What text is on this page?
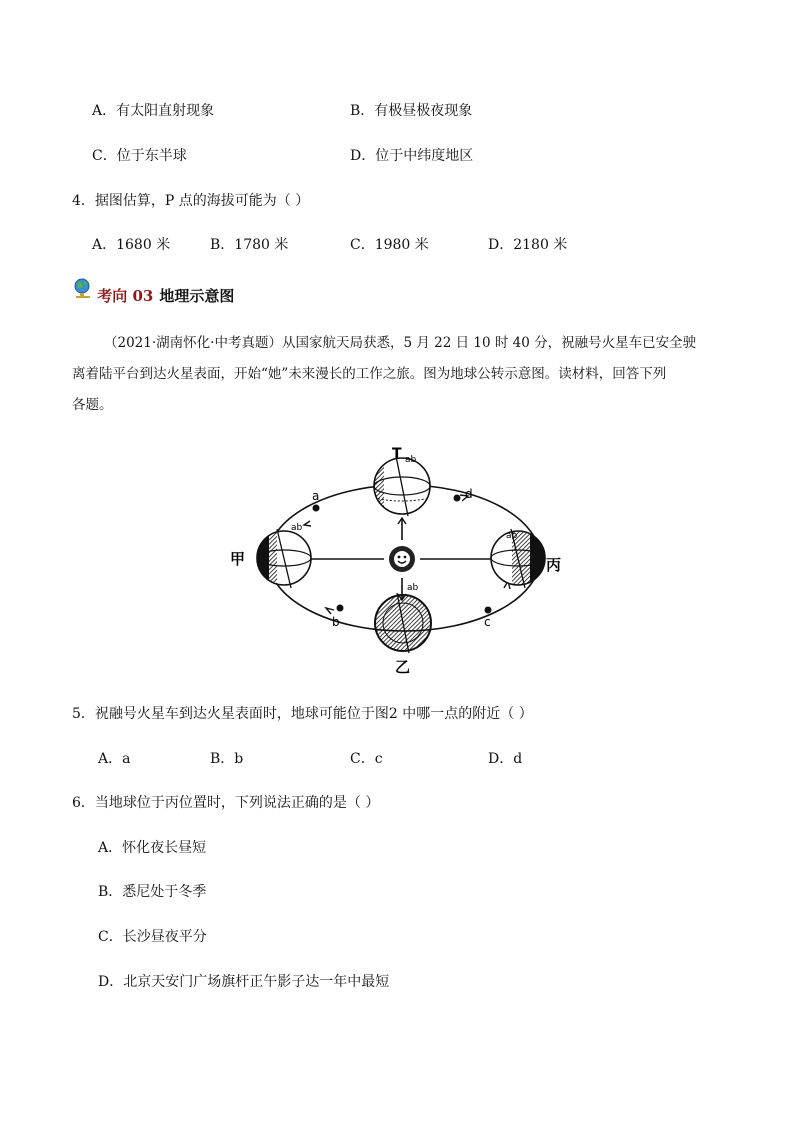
A．有太阳直射现象	B．有极昼极夜现象
C．位于东半球	D．位于中纬度地区
4．据图估算，P 点的海拔可能为（ ）
A．1680 米	B．1780 米	C．1980 米	D．2180 米
考向 03 地理示意图
（2021·湖南怀化·中考真题）从国家航天局获悉，5 月 22 日 10 时 40 分，祝融号火星车已安全驶
离着陆平台到达火星表面，开始“她”未来漫长的工作之旅。图为地球公转示意图。读材料，回答下列
各题。
T ab
ab
ab
ab
甲	丙
乙
a
b	c
d
5．祝融号火星车到达火星表面时，地球可能位于图2 中哪一点的附近（ ）
A．a	B．b	C．c	D．d
6．当地球位于丙位置时，下列说法正确的是（ ）
A．怀化夜长昼短
B．悉尼处于冬季
C．长沙昼夜平分
D．北京天安门广场旗杆正午影子达一年中最短
